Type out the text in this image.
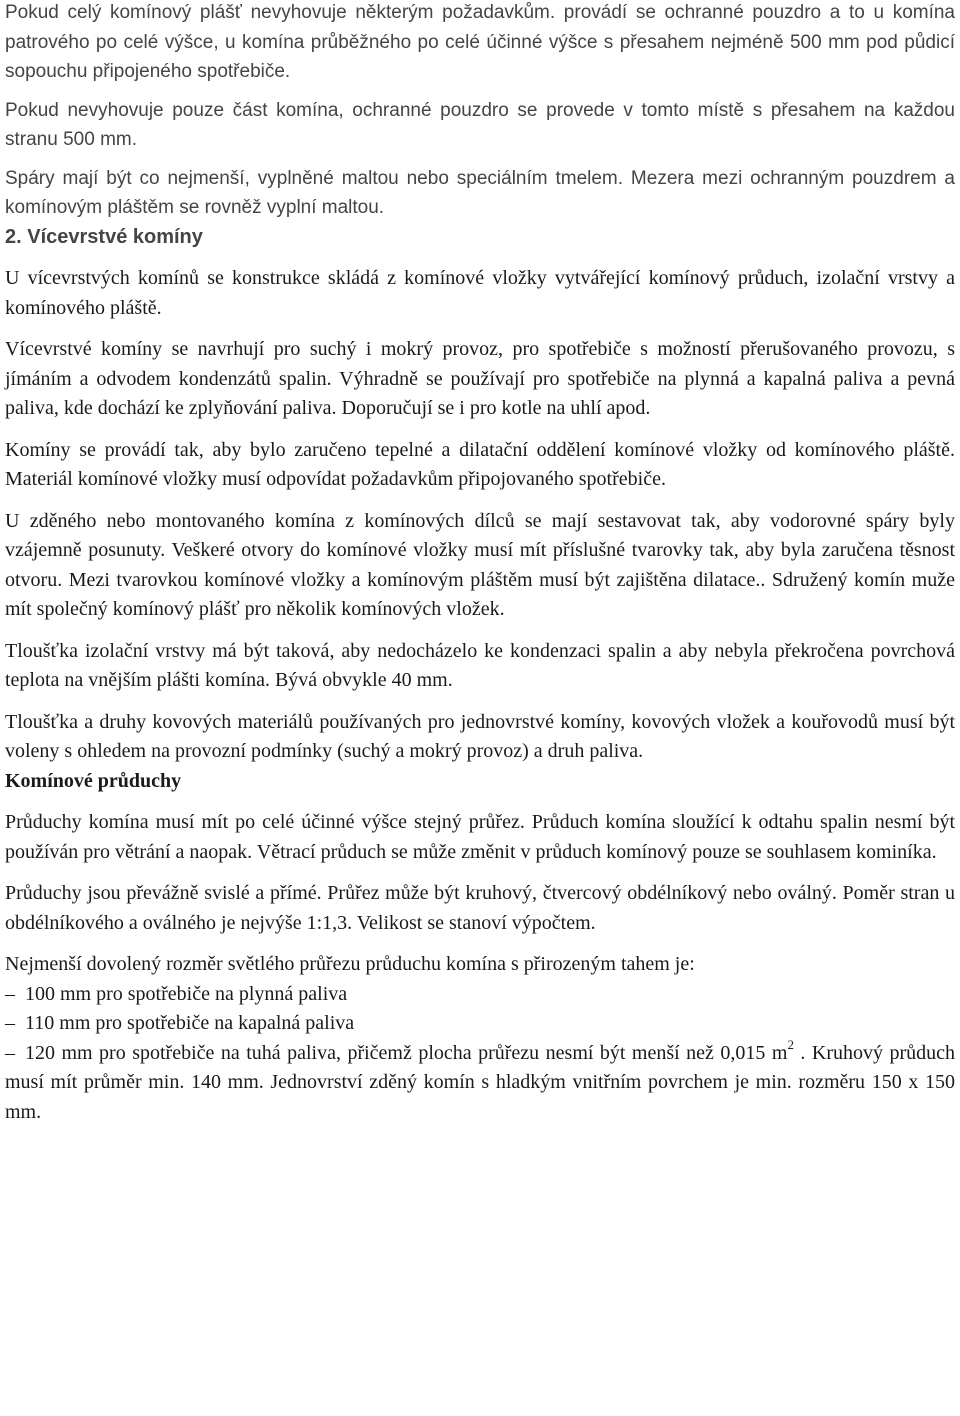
Pokud celý komínový plášť nevyhovuje některým požadavkům. provádí se ochranné pouzdro a to u komína patrového po celé výšce, u komína průběžného po celé účinné výšce s přesahem nejméně 500 mm pod půdicí sopouchu připojeného spotřebiče.

Pokud nevyhovuje pouze část komína, ochranné pouzdro se provede v tomto místě s přesahem na každou stranu 500 mm.

Spáry mají být co nejmenší, vyplněné maltou nebo speciálním tmelem. Mezera mezi ochranným pouzdrem a komínovým pláštěm se rovněž vyplní maltou.

2. Vícevrstvé komíny

U vícevrstvých komínů se konstrukce skládá z komínové vložky vytvářející komínový průduch, izolační vrstvy a komínového pláště.

Vícevrstvé komíny se navrhují pro suchý i mokrý provoz, pro spotřebiče s možností přerušovaného provozu, s jímáním a odvodem kondenzátů spalin. Výhradně se používají pro spotřebiče na plynná a kapalná paliva a pevná paliva, kde dochází ke zplyňování paliva. Doporučují se i pro kotle na uhlí apod.

Komíny se provádí tak, aby bylo zaručeno tepelné a dilatační oddělení komínové vložky od komínového pláště. Materiál komínové vložky musí odpovídat požadavkům připojovaného spotřebiče.

U zděného nebo montovaného komína z komínových dílců se mají sestavovat tak, aby vodorovné spáry byly vzájemně posunuty. Veškeré otvory do komínové vložky musí mít příslušné tvarovky tak, aby byla zaručena těsnost otvoru. Mezi tvarovkou komínové vložky a komínovým pláštěm musí být zajištěna dilatace.. Sdružený komín muže mít společný komínový plášť pro několik komínových vložek.

Tloušťka izolační vrstvy má být taková, aby nedocházelo ke kondenzaci spalin a aby nebyla překročena povrchová teplota na vnějším plášti komína. Bývá obvykle 40 mm.

Tloušťka a druhy kovových materiálů používaných pro jednovrstvé komíny, kovových vložek a kouřovodů musí být voleny s ohledem na provozní podmínky (suchý a mokrý provoz) a druh paliva.

Komínové průduchy

Průduchy komína musí mít po celé účinné výšce stejný průřez. Průduch komína sloužící k odtahu spalin nesmí být používán pro větrání a naopak. Větrací průduch se může změnit v průduch komínový pouze se souhlasem kominíka.

Průduchy jsou převážně svislé a přímé. Průřez může být kruhový, čtvercový obdélníkový nebo oválný. Poměr stran u obdélníkového a oválného je nejvýše 1:1,3. Velikost se stanoví výpočtem.

Nejmenší dovolený rozměr světlého průřezu průduchu komína s přirozeným tahem je:

– 100 mm pro spotřebiče na plynná paliva

– 110 mm pro spotřebiče na kapalná paliva

– 120 mm pro spotřebiče na tuhá paliva, přičemž plocha průřezu nesmí být menší než 0,015 $m^2$ . Kruhový průduch musí mít průměr min. 140 mm. Jednovrství zděný komín s hladkým vnitřním povrchem je min. rozměru 150 x 150 mm.
